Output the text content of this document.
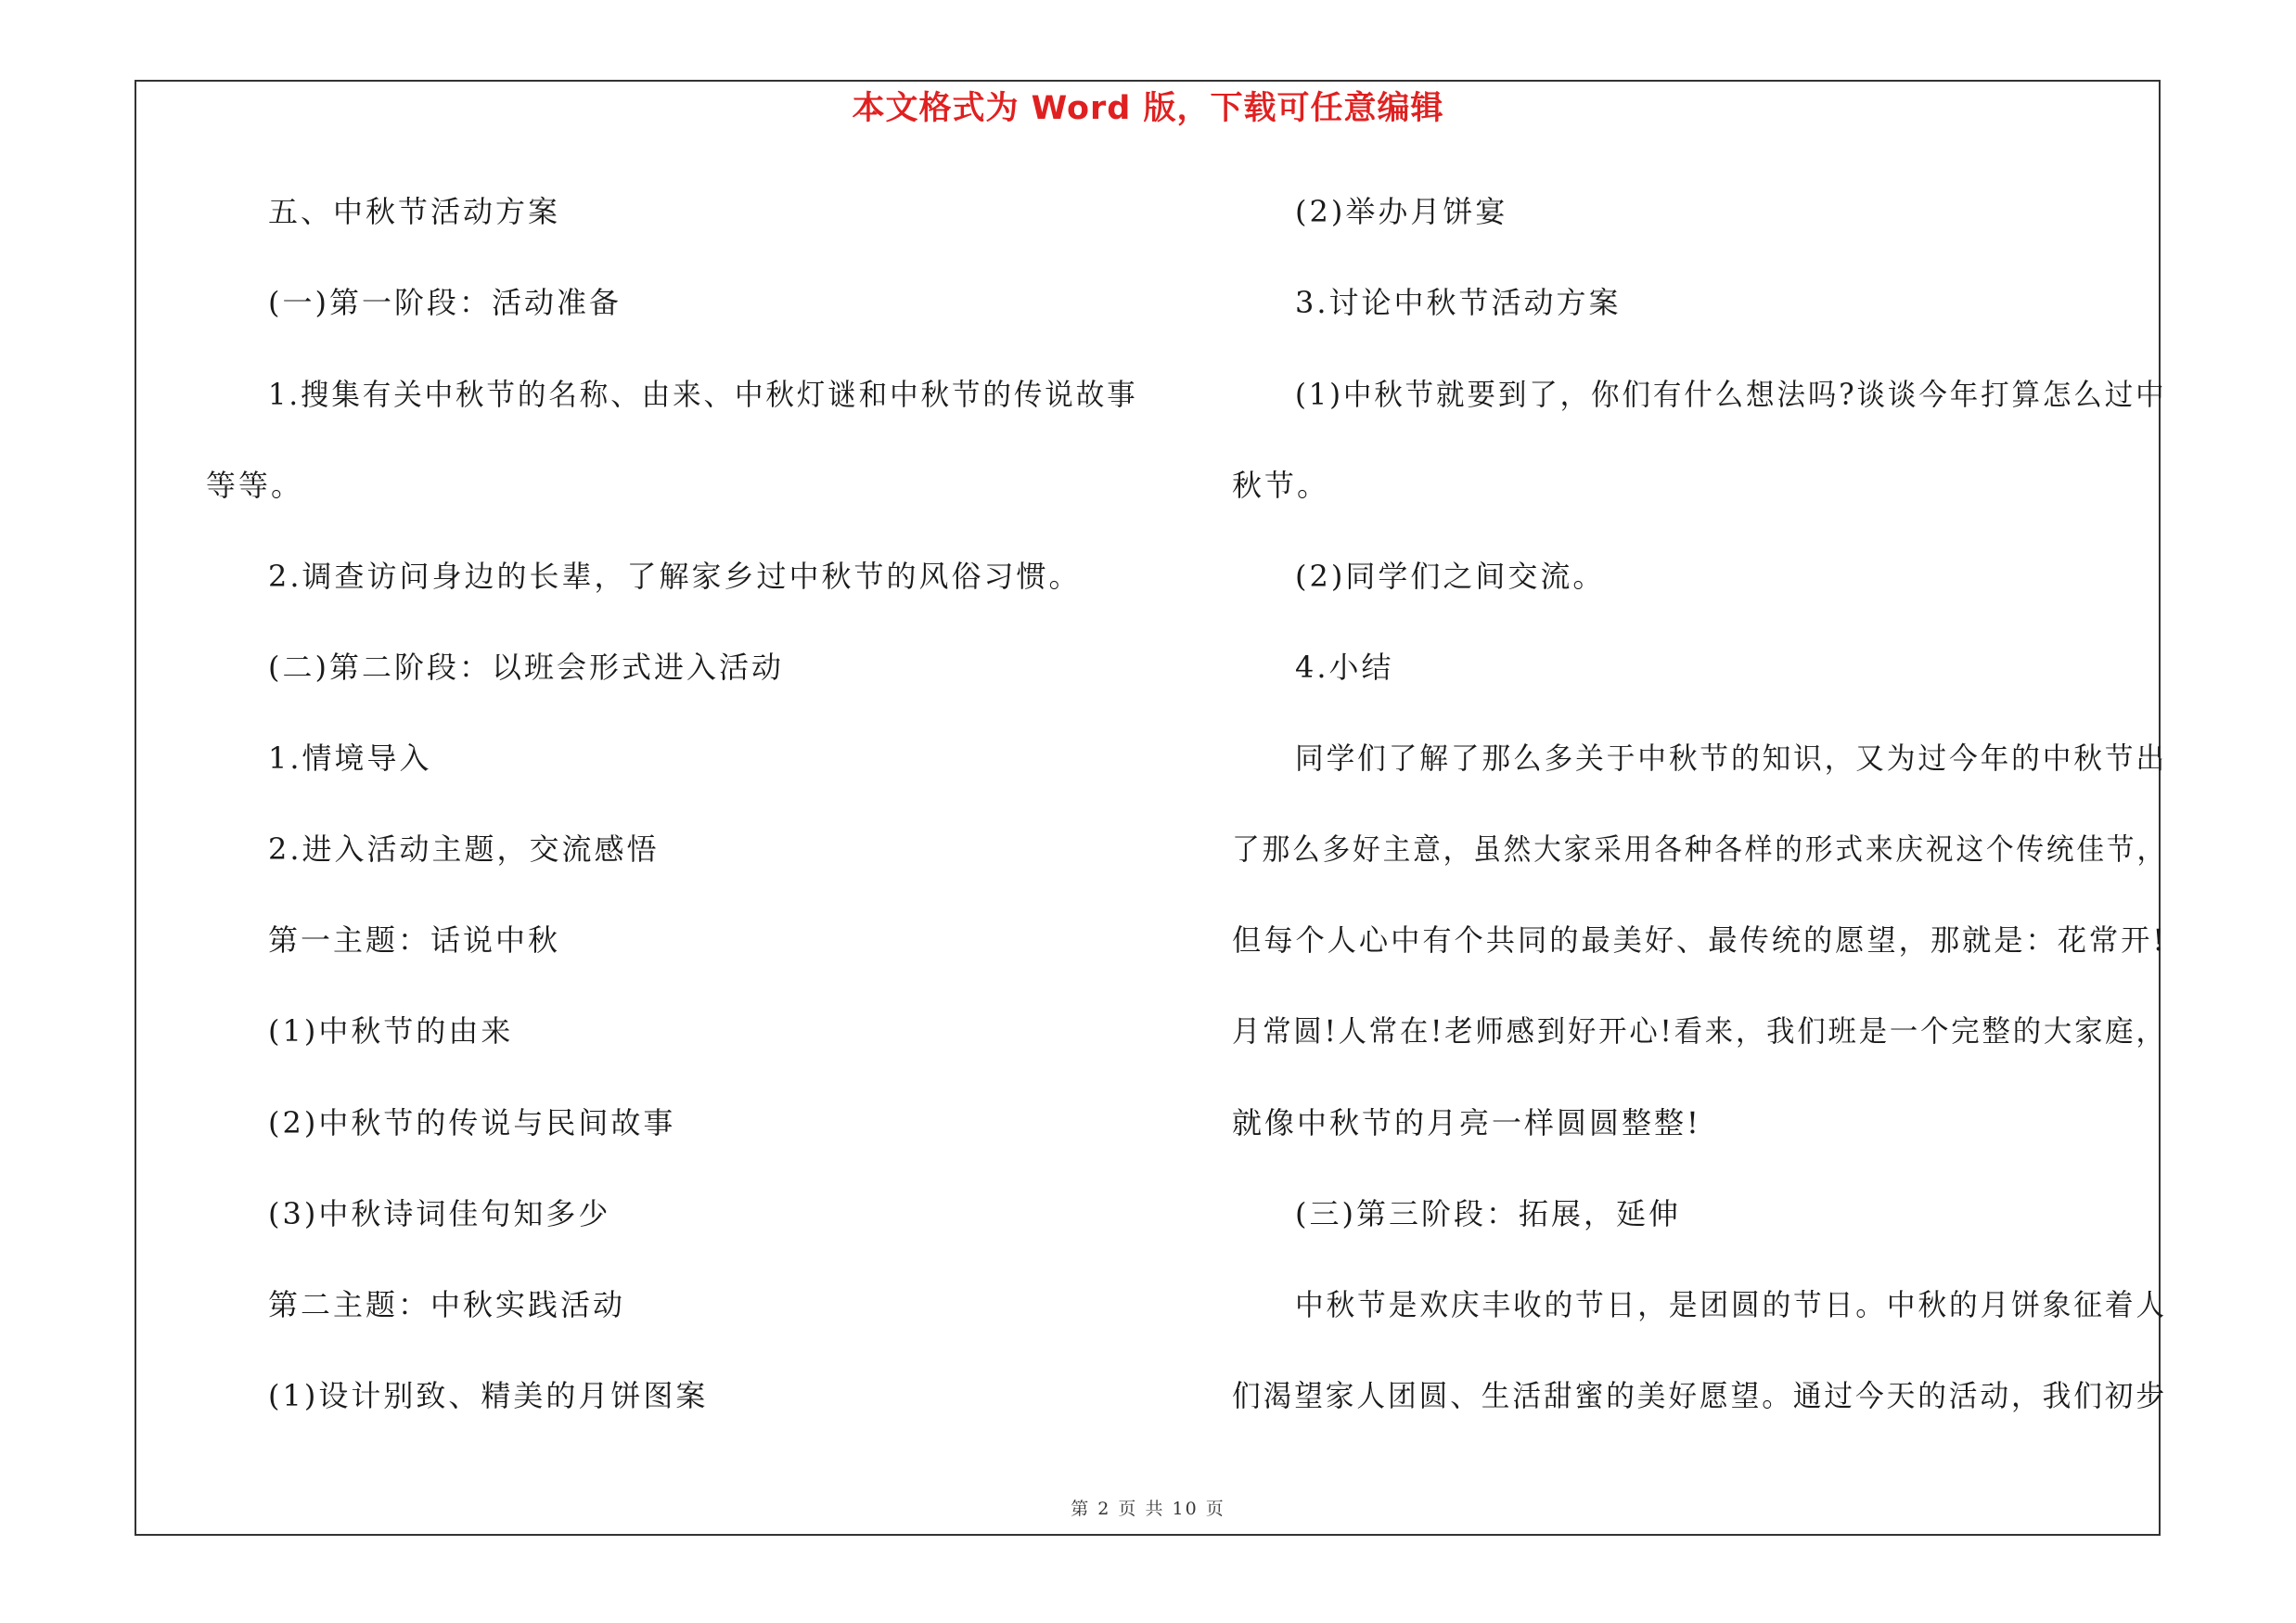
本文格式为 Word 版，下载可任意编辑
五、中秋节活动方案
(一)第一阶段：活动准备
1.搜集有关中秋节的名称、由来、中秋灯谜和中秋节的传说故事
等等。
2.调查访问身边的长辈，了解家乡过中秋节的风俗习惯。
(二)第二阶段：以班会形式进入活动
1.情境导入
2.进入活动主题，交流感悟
第一主题：话说中秋
(1)中秋节的由来
(2)中秋节的传说与民间故事
(3)中秋诗词佳句知多少
第二主题：中秋实践活动
(1)设计别致、精美的月饼图案
(2)举办月饼宴
3.讨论中秋节活动方案
(1)中秋节就要到了，你们有什么想法吗?谈谈今年打算怎么过中
秋节。
(2)同学们之间交流。
4.小结
同学们了解了那么多关于中秋节的知识，又为过今年的中秋节出
了那么多好主意，虽然大家采用各种各样的形式来庆祝这个传统佳节，
但每个人心中有个共同的最美好、最传统的愿望，那就是：花常开!
月常圆!人常在!老师感到好开心!看来，我们班是一个完整的大家庭，
就像中秋节的月亮一样圆圆整整!
(三)第三阶段：拓展，延伸
中秋节是欢庆丰收的节日，是团圆的节日。中秋的月饼象征着人
们渴望家人团圆、生活甜蜜的美好愿望。通过今天的活动，我们初步
第 2 页 共 10 页
